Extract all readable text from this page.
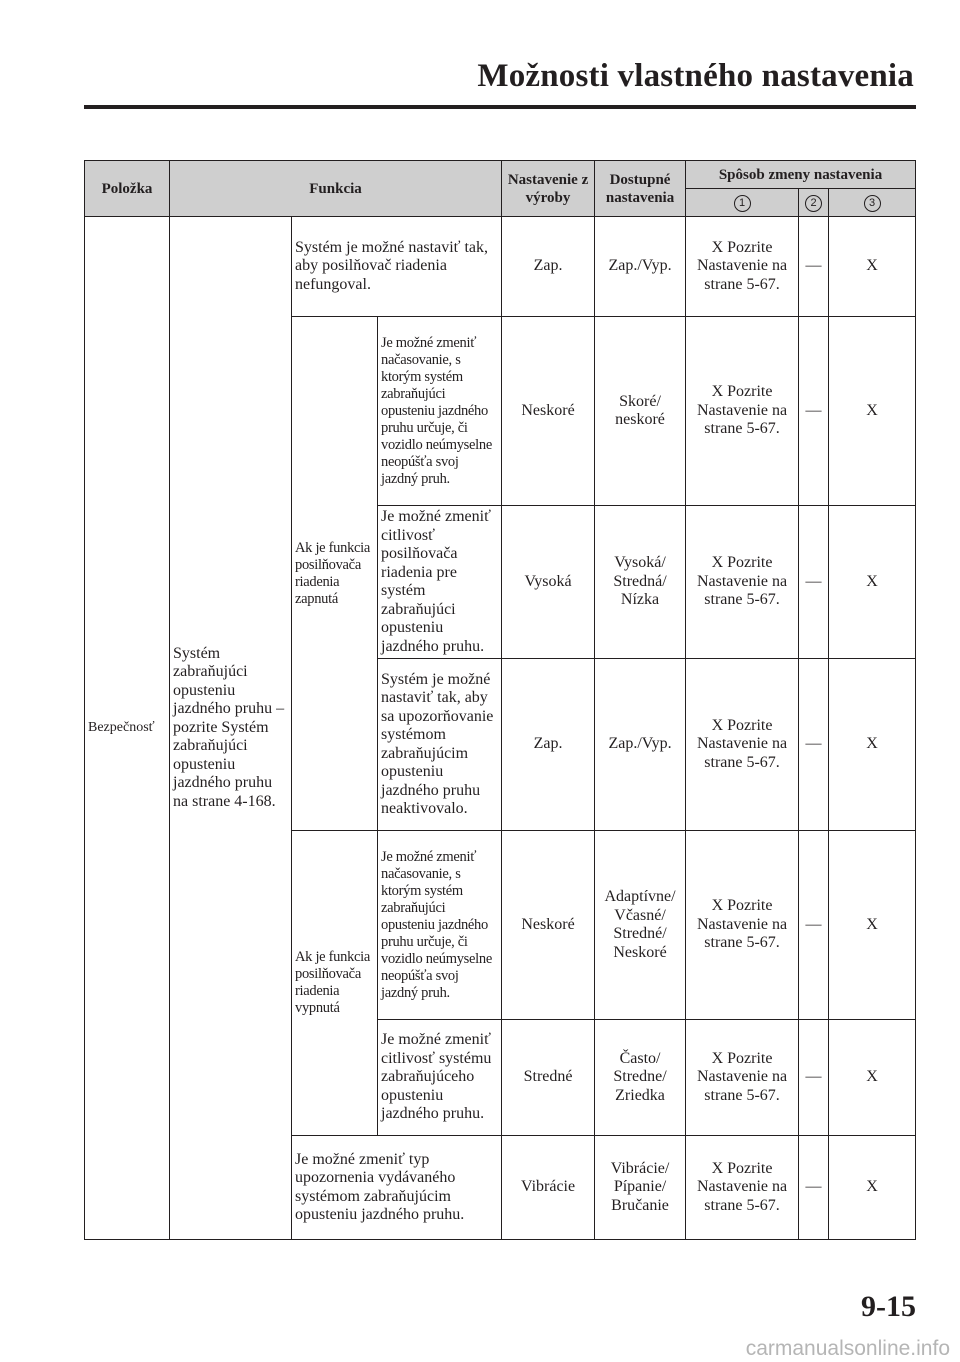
Možnosti vlastného nastavenia
Položka	Funkcia			Nastavenie z výroby	Dostupné nastavenia	Spôsob zmeny nastavenia		
						1	2	3
Bezpečnosť	Systém zabraňujúci opusteniu jazdného pruhu – pozrite Systém zabraňujúci opusteniu jazdného pruhu na strane 4-168.	Systém je možné nastaviť tak, aby posilňovač riadenia nefungoval.		Zap.	Zap./Vyp.	X Pozrite Nastavenie na strane 5-67.	—	X
		Ak je funkcia posilňovača riadenia zapnutá	Je možné zmeniť načasovanie, s ktorým systém zabraňujúci opusteniu jazdného pruhu určuje, či vozidlo neúmyselne neopúšťa svoj jazdný pruh.	Neskoré	Skoré/ neskoré	X Pozrite Nastavenie na strane 5-67.	—	X
			Je možné zmeniť citlivosť posilňovača riadenia pre systém zabraňujúci opusteniu jazdného pruhu.	Vysoká	Vysoká/ Stredná/ Nízka	X Pozrite Nastavenie na strane 5-67.	—	X
			Systém je možné nastaviť tak, aby sa upozorňovanie systémom zabraňujúcim opusteniu jazdného pruhu neaktivovalo.	Zap.	Zap./Vyp.	X Pozrite Nastavenie na strane 5-67.	—	X
		Ak je funkcia posilňovača riadenia vypnutá	Je možné zmeniť načasovanie, s ktorým systém zabraňujúci opusteniu jazdného pruhu určuje, či vozidlo neúmyselne neopúšťa svoj jazdný pruh.	Neskoré	Adaptívne/ Včasné/ Stredné/ Neskoré	X Pozrite Nastavenie na strane 5-67.	—	X
			Je možné zmeniť citlivosť systému zabraňujúceho opusteniu jazdného pruhu.	Stredné	Často/ Stredne/ Zriedka	X Pozrite Nastavenie na strane 5-67.	—	X
		Je možné zmeniť typ upozornenia vydávaného systémom zabraňujúcim opusteniu jazdného pruhu.		Vibrácie	Vibrácie/ Pípanie/ Bručanie	X Pozrite Nastavenie na strane 5-67.	—	X
9-15
carmanualsonline.info
